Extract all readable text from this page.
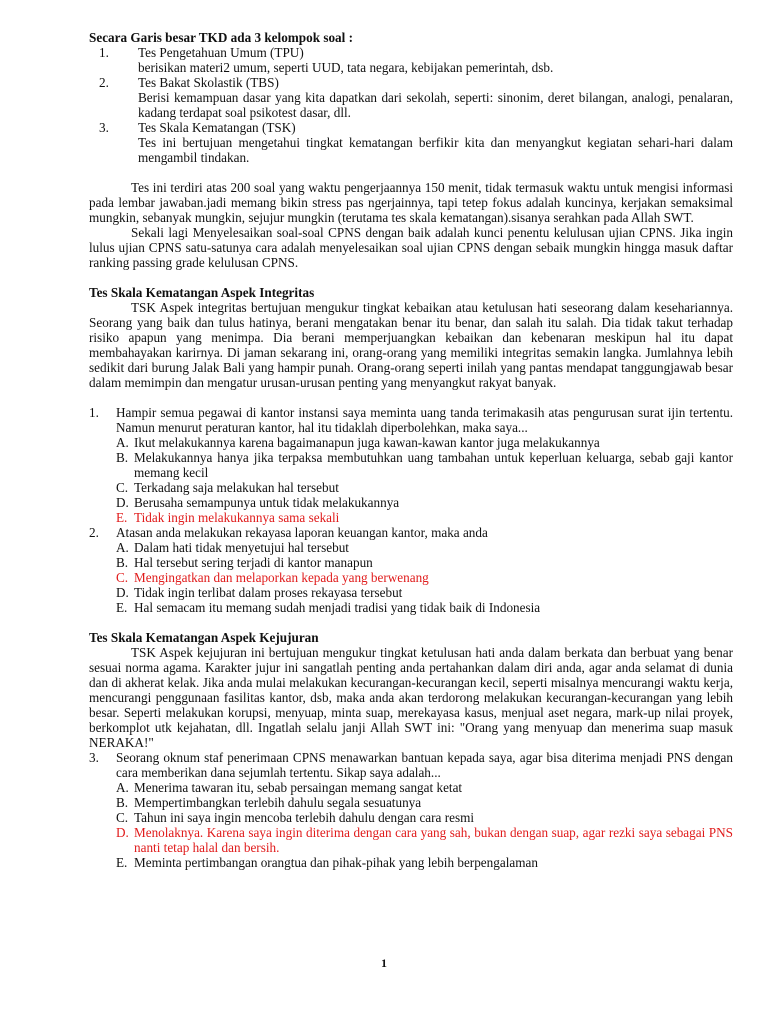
Secara Garis besar TKD ada 3 kelompok soal :
1.	Tes Pengetahuan Umum (TPU)
berisikan materi2 umum, seperti UUD, tata negara, kebijakan pemerintah, dsb.
2.	Tes Bakat Skolastik (TBS)
Berisi kemampuan dasar yang kita dapatkan dari sekolah, seperti: sinonim, deret bilangan, analogi, penalaran, kadang terdapat soal psikotest dasar, dll.
3.	Tes Skala Kematangan (TSK)
Tes ini bertujuan mengetahui tingkat kematangan berfikir kita dan menyangkut kegiatan sehari-hari dalam mengambil tindakan.
Tes ini terdiri atas 200 soal yang waktu pengerjaannya 150 menit, tidak termasuk waktu untuk mengisi informasi pada lembar jawaban.jadi memang bikin stress pas ngerjainnya, tapi tetep fokus adalah kuncinya, kerjakan semaksimal mungkin, sebanyak mungkin, sejujur mungkin (terutama tes skala kematangan).sisanya serahkan pada Allah SWT.
Sekali lagi Menyelesaikan soal-soal CPNS dengan baik adalah kunci penentu kelulusan ujian CPNS. Jika ingin lulus ujian CPNS satu-satunya cara adalah menyelesaikan soal ujian CPNS dengan sebaik mungkin hingga masuk daftar ranking passing grade kelulusan CPNS.
Tes Skala Kematangan Aspek Integritas
TSK Aspek integritas bertujuan mengukur tingkat kebaikan atau ketulusan hati seseorang dalam kesehariannya. Seorang yang baik dan tulus hatinya, berani mengatakan benar itu benar, dan salah itu salah. Dia tidak takut terhadap risiko apapun yang menimpa. Dia berani memperjuangkan kebaikan dan kebenaran meskipun hal itu dapat membahayakan karirnya. Di jaman sekarang ini, orang-orang yang memiliki integritas semakin langka. Jumlahnya lebih sedikit dari burung Jalak Bali yang hampir punah. Orang-orang seperti inilah yang pantas mendapat tanggungjawab besar dalam memimpin dan mengatur urusan-urusan penting yang menyangkut rakyat banyak.
1.	Hampir semua pegawai di kantor instansi saya meminta uang tanda terimakasih atas pengurusan surat ijin tertentu. Namun menurut peraturan kantor, hal itu tidaklah diperbolehkan, maka saya...
A. Ikut melakukannya karena bagaimanapun juga kawan-kawan kantor juga melakukannya
B. Melakukannya hanya jika terpaksa membutuhkan uang tambahan untuk keperluan keluarga, sebab gaji kantor memang kecil
C. Terkadang saja melakukan hal tersebut
D. Berusaha semampunya untuk tidak melakukannya
E. Tidak ingin melakukannya sama sekali
2.	Atasan anda melakukan rekayasa laporan keuangan kantor, maka anda
A. Dalam hati tidak menyetujui hal tersebut
B. Hal tersebut sering terjadi di kantor manapun
C. Mengingatkan dan melaporkan kepada yang berwenang
D. Tidak ingin terlibat dalam proses rekayasa tersebut
E. Hal semacam itu memang sudah menjadi tradisi yang tidak baik di Indonesia
Tes Skala Kematangan Aspek Kejujuran
TSK Aspek kejujuran ini bertujuan mengukur tingkat ketulusan hati anda dalam berkata dan berbuat yang benar sesuai norma agama. Karakter jujur ini sangatlah penting anda pertahankan dalam diri anda, agar anda selamat di dunia dan di akherat kelak. Jika anda mulai melakukan kecurangan-kecurangan kecil, seperti misalnya mencurangi waktu kerja, mencurangi penggunaan fasilitas kantor, dsb, maka anda akan terdorong melakukan kecurangan-kecurangan yang lebih besar. Seperti melakukan korupsi, menyuap, minta suap, merekayasa kasus, menjual aset negara, mark-up nilai proyek, berkomplot utk kejahatan, dll. Ingatlah selalu janji Allah SWT ini: "Orang yang menyuap dan menerima suap masuk NERAKA!"
3.	Seorang oknum staf penerimaan CPNS menawarkan bantuan kepada saya, agar bisa diterima menjadi PNS dengan cara memberikan dana sejumlah tertentu. Sikap saya adalah...
A. Menerima tawaran itu, sebab persaingan memang sangat ketat
B. Mempertimbangkan terlebih dahulu segala sesuatunya
C. Tahun ini saya ingin mencoba terlebih dahulu dengan cara resmi
D. Menolaknya. Karena saya ingin diterima dengan cara yang sah, bukan dengan suap, agar rezki saya sebagai PNS nanti tetap halal dan bersih.
E. Meminta pertimbangan orangtua dan pihak-pihak yang lebih berpengalaman
1
